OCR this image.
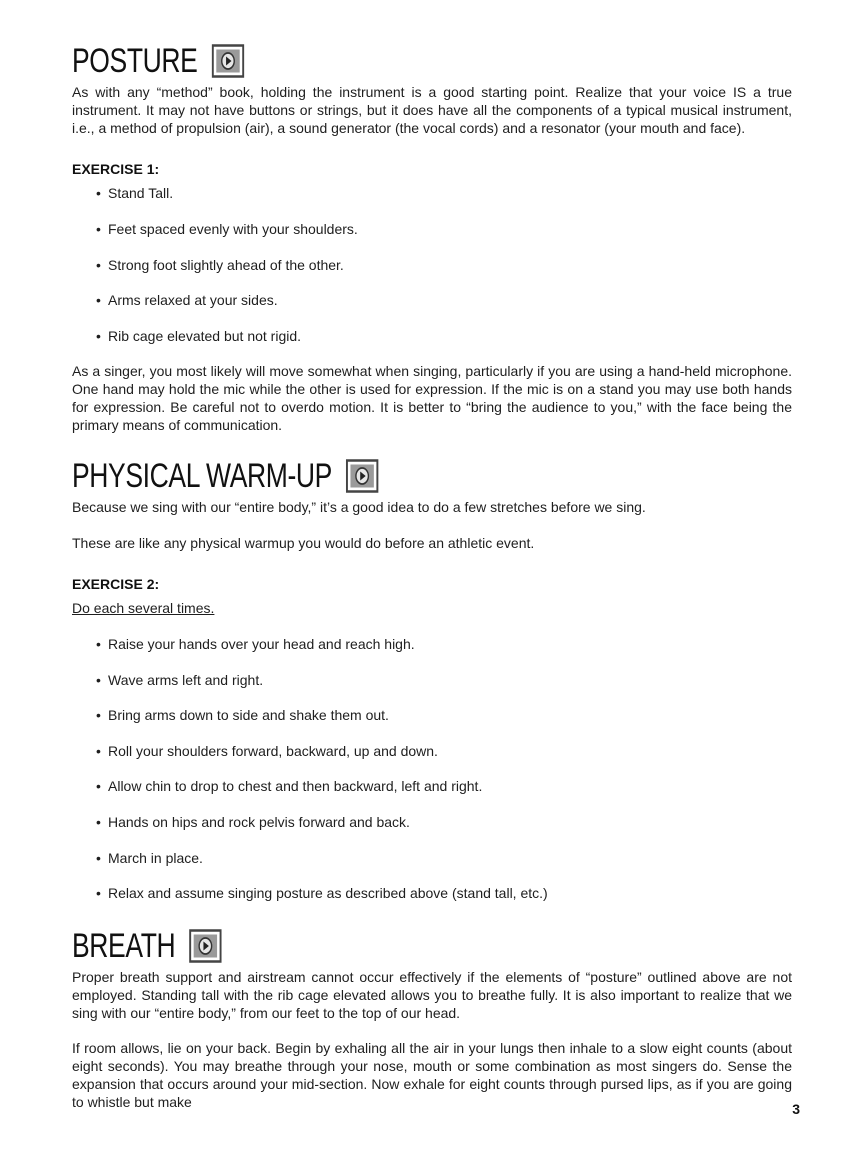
POSTURE

As with any “method” book, holding the instrument is a good starting point. Realize that your voice IS a true instrument. It may not have buttons or strings, but it does have all the components of a typical musical instrument, i.e., a method of propulsion (air), a sound generator (the vocal cords) and a resonator (your mouth and face).

EXERCISE 1:

• Stand Tall.

• Feet spaced evenly with your shoulders.

• Strong foot slightly ahead of the other.

• Arms relaxed at your sides.

• Rib cage elevated but not rigid.

As a singer, you most likely will move somewhat when singing, particularly if you are using a hand-held microphone. One hand may hold the mic while the other is used for expression. If the mic is on a stand you may use both hands for expression. Be careful not to overdo motion. It is better to “bring the audience to you,” with the face being the primary means of communication.

PHYSICAL WARM-UP

Because we sing with our “entire body,” it’s a good idea to do a few stretches before we sing.

These are like any physical warmup you would do before an athletic event.

EXERCISE 2:

Do each several times.

• Raise your hands over your head and reach high.

• Wave arms left and right.

• Bring arms down to side and shake them out.

• Roll your shoulders forward, backward, up and down.

• Allow chin to drop to chest and then backward, left and right.

• Hands on hips and rock pelvis forward and back.

• March in place.

• Relax and assume singing posture as described above (stand tall, etc.)

BREATH

Proper breath support and airstream cannot occur effectively if the elements of “posture” outlined above are not employed. Standing tall with the rib cage elevated allows you to breathe fully. It is also important to realize that we sing with our “entire body,” from our feet to the top of our head.

If room allows, lie on your back. Begin by exhaling all the air in your lungs then inhale to a slow eight counts (about eight seconds). You may breathe through your nose, mouth or some combination as most singers do. Sense the expansion that occurs around your mid-section. Now exhale for eight counts through pursed lips, as if you are going to whistle but make	3
